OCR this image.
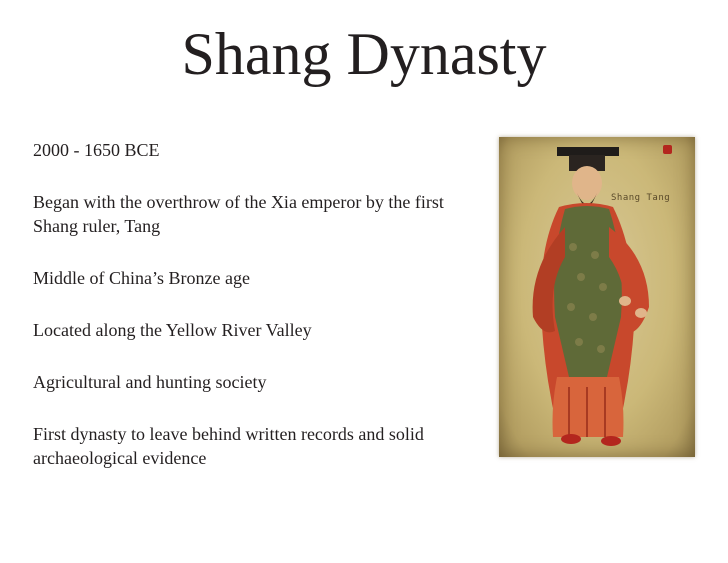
Shang Dynasty

2000 - 1650 BCE

Began with the overthrow of the Xia emperor by the first Shang ruler, Tang

Middle of China’s Bronze age

Located along the Yellow River Valley

Agricultural and hunting society

First dynasty to leave behind written records and solid archaeological evidence

Shang Tang
